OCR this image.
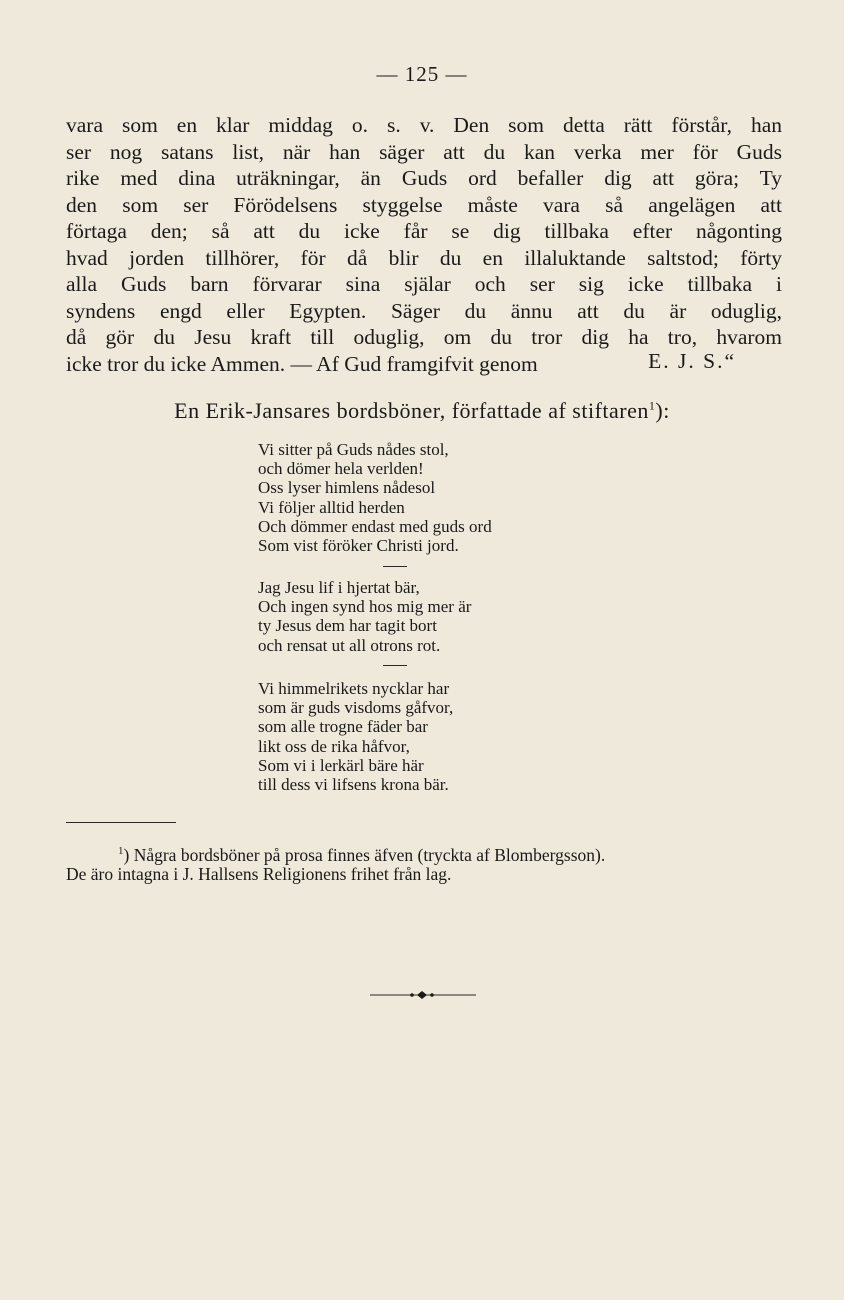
— 125 —
vara som en klar middag o. s. v. Den som detta rätt förstår, han
ser nog satans list, när han säger att du kan verka mer för Guds
rike med dina uträkningar, än Guds ord befaller dig att göra; Ty
den som ser Förödelsens styggelse måste vara så angelägen att
förtaga den; så att du icke får se dig tillbaka efter någonting
hvad jorden tillhörer, för då blir du en illaluktande saltstod; förty
alla Guds barn förvarar sina själar och ser sig icke tillbaka i
syndens engd eller Egypten. Säger du ännu att du är oduglig,
då gör du Jesu kraft till oduglig, om du tror dig ha tro, hvarom
icke tror du icke Ammen. — Af Gud framgifvit genom	E. J. S.“
En Erik-Jansares bordsböner, författade af stiftaren$^1$):
Vi sitter på Guds nådes stol,
och dömer hela verlden!
Oss lyser himlens nådesol
Vi följer alltid herden
Och dömmer endast med guds ord
Som vist föröker Christi jord.
Jag Jesu lif i hjertat bär,
Och ingen synd hos mig mer är
ty Jesus dem har tagit bort
och rensat ut all otrons rot.
Vi himmelrikets nycklar har
som är guds visdoms gåfvor,
som alle trogne fäder bar
likt oss de rika håfvor,
Som vi i lerkärl bäre här
till dess vi lifsens krona bär.
$^1$) Några bordsböner på prosa finnes äfven (tryckta af Blombergsson).
De äro intagna i J. Hallsens Religionens frihet från lag.
